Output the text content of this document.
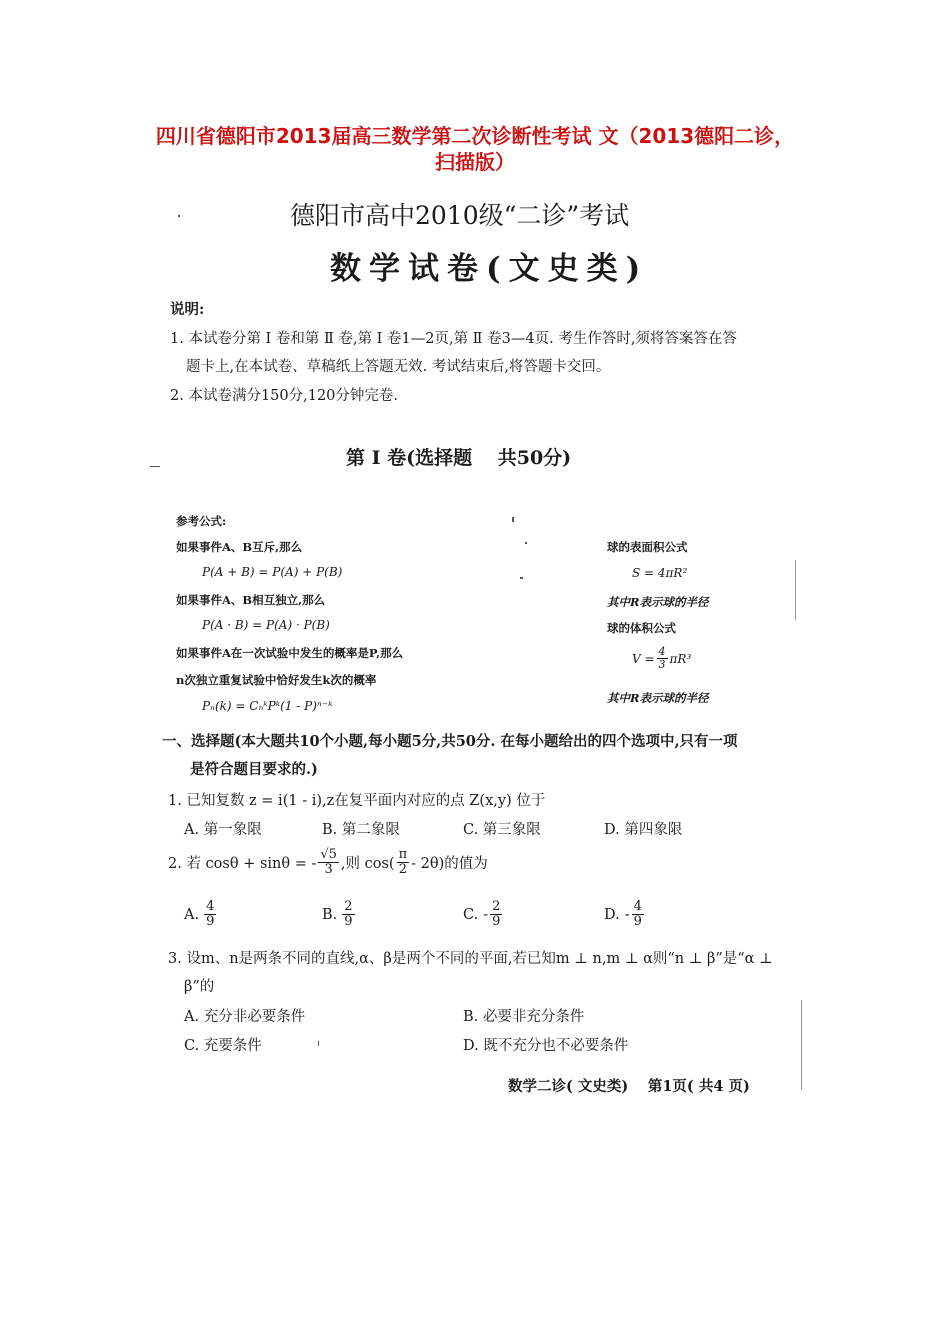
四川省德阳市2013届高三数学第二次诊断性考试 文（2013德阳二诊，
扫描版）
德阳市高中2010级“二诊”考试
数学试卷(文史类)
说明:
1. 本试卷分第 Ⅰ 卷和第 Ⅱ 卷,第 Ⅰ 卷1—2页,第 Ⅱ 卷3—4页. 考生作答时,须将答案答在答
题卡上,在本试卷、草稿纸上答题无效. 考试结束后,将答题卡交回。
2. 本试卷满分150分,120分钟完卷.
第 Ⅰ 卷(选择题　 共50分)
参考公式:
如果事件A、B互斥,那么
P(A + B) = P(A) + P(B)
如果事件A、B相互独立,那么
P(A · B) = P(A) · P(B)
如果事件A在一次试验中发生的概率是P,那么
n次独立重复试验中恰好发生k次的概率
Pₙ(k) = CₙᵏPᵏ(1 - P)ⁿ⁻ᵏ
球的表面积公式
S = 4πR²
其中R表示球的半径
球的体积公式
$V = \frac{4}{3} \pi R^3$
其中R表示球的半径
一、选择题(本大题共10个小题,每小题5分,共50分. 在每小题给出的四个选项中,只有一项
是符合题目要求的.)
1. 已知复数 z = i(1 - i),z在复平面内对应的点 Z(x,y) 位于
A. 第一象限	B. 第二象限	C. 第三象限	D. 第四象限
2. 若 cosθ + sinθ = - $\frac{√5}{3}$ ,则 $\cos( \frac{\pi}{2} - 2\theta)$的值为
A. $\frac{4}{9}$	B. $\frac{2}{9}$	C. - $\frac{2}{9}$	D. - $\frac{4}{9}$
3. 设m、n是两条不同的直线,α、β是两个不同的平面,若已知m ⊥ n,m ⊥ α则“n ⊥ β”是“α ⊥
β”的
A. 充分非必要条件	B. 必要非充分条件
C. 充要条件	D. 既不充分也不必要条件
数学二诊( 文史类)　 第1页( 共4 页)
